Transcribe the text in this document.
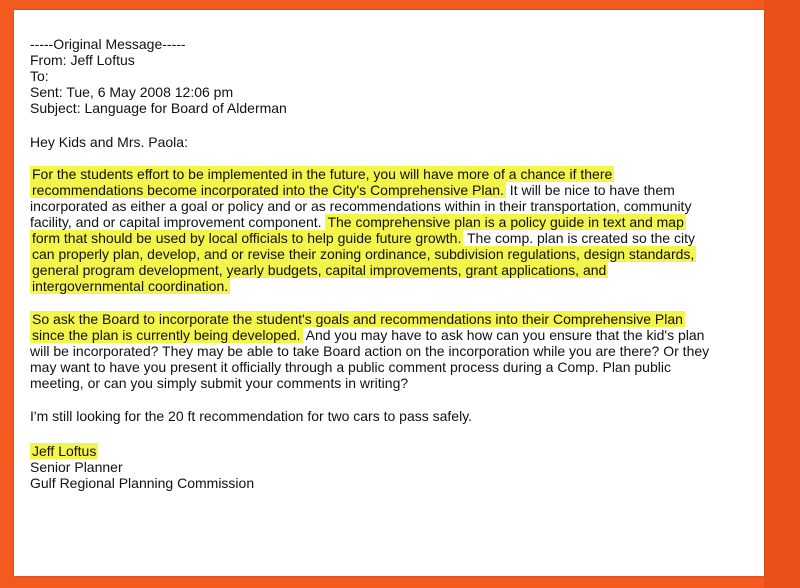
-----Original Message-----
From: Jeff Loftus
To:
Sent: Tue, 6 May 2008 12:06 pm
Subject: Language for Board of Alderman
Hey Kids and Mrs. Paola:
For the students effort to be implemented in the future, you will have more of a chance if there
recommendations become incorporated into the City's Comprehensive Plan. It will be nice to have them
incorporated as either a goal or policy and or as recommendations within in their transportation, community
facility, and or capital improvement component. The comprehensive plan is a policy guide in text and map
form that should be used by local officials to help guide future growth. The comp. plan is created so the city
can properly plan, develop, and or revise their zoning ordinance, subdivision regulations, design standards,
general program development, yearly budgets, capital improvements, grant applications, and
intergovernmental coordination.
So ask the Board to incorporate the student's goals and recommendations into their Comprehensive Plan
since the plan is currently being developed. And you may have to ask how can you ensure that the kid's plan
will be incorporated? They may be able to take Board action on the incorporation while you are there? Or they
may want to have you present it officially through a public comment process during a Comp. Plan public
meeting, or can you simply submit your comments in writing?
I'm still looking for the 20 ft recommendation for two cars to pass safely.
Jeff Loftus
Senior Planner
Gulf Regional Planning Commission
